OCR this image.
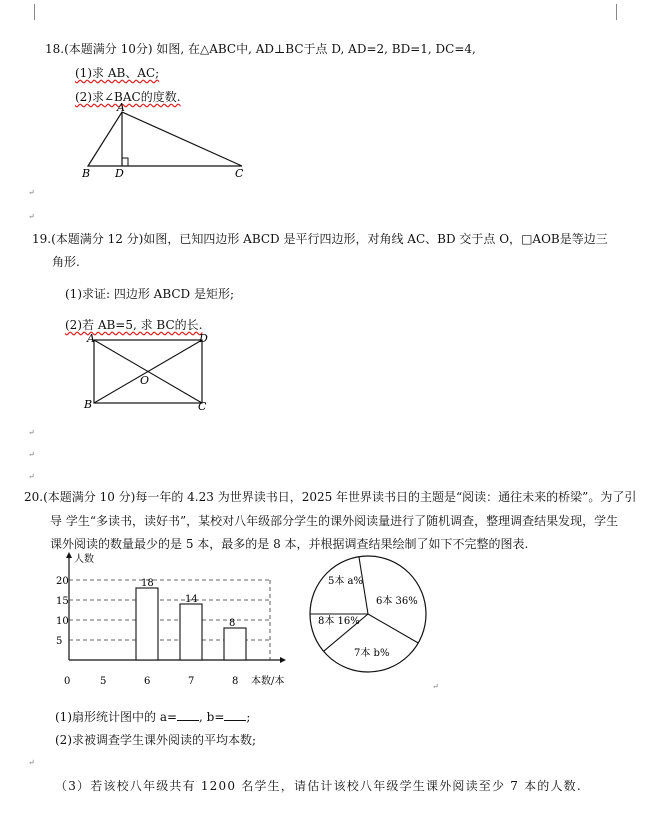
18.(本题满分 10分) 如图, 在△ABC中, AD⊥BC于点 D, AD=2, BD=1, DC=4,
(1)求 AB、AC;
(2)求∠BAC的度数.
A
B D	C
↵
↵
19.(本题满分 12 分)如图，已知四边形 ABCD 是平行四边形，对角线 AC、BD 交于点 O，□AOB是等边三
角形.
(1)求证: 四边形 ABCD 是矩形;
(2)若 AB=5, 求 BC的长.
A	D
B	C
O
↵
↵
↵
20.(本题满分 10 分)每一年的 4.23 为世界读书日，2025 年世界读书日的主题是“阅读：通往未来的桥梁”。为了引
导 学生“多读书，读好书”，某校对八年级部分学生的课外阅读量进行了随机调查，整理调查结果发现，学生
课外阅读的数量最少的是 5 本，最多的是 8 本，并根据调查结果绘制了如下不完整的图表.
人数
本数/本
0
5
10
15
20
5	6
18
7
14
8
8
5本 a%
6本 36%
7本 b%
8本 16%
↵
(1)扇形统计图中的 a= , b= ;
(2)求被调查学生课外阅读的平均本数;
↵
（3）若该校八年级共有 1200 名学生，请估计该校八年级学生课外阅读至少 7 本的人数.
